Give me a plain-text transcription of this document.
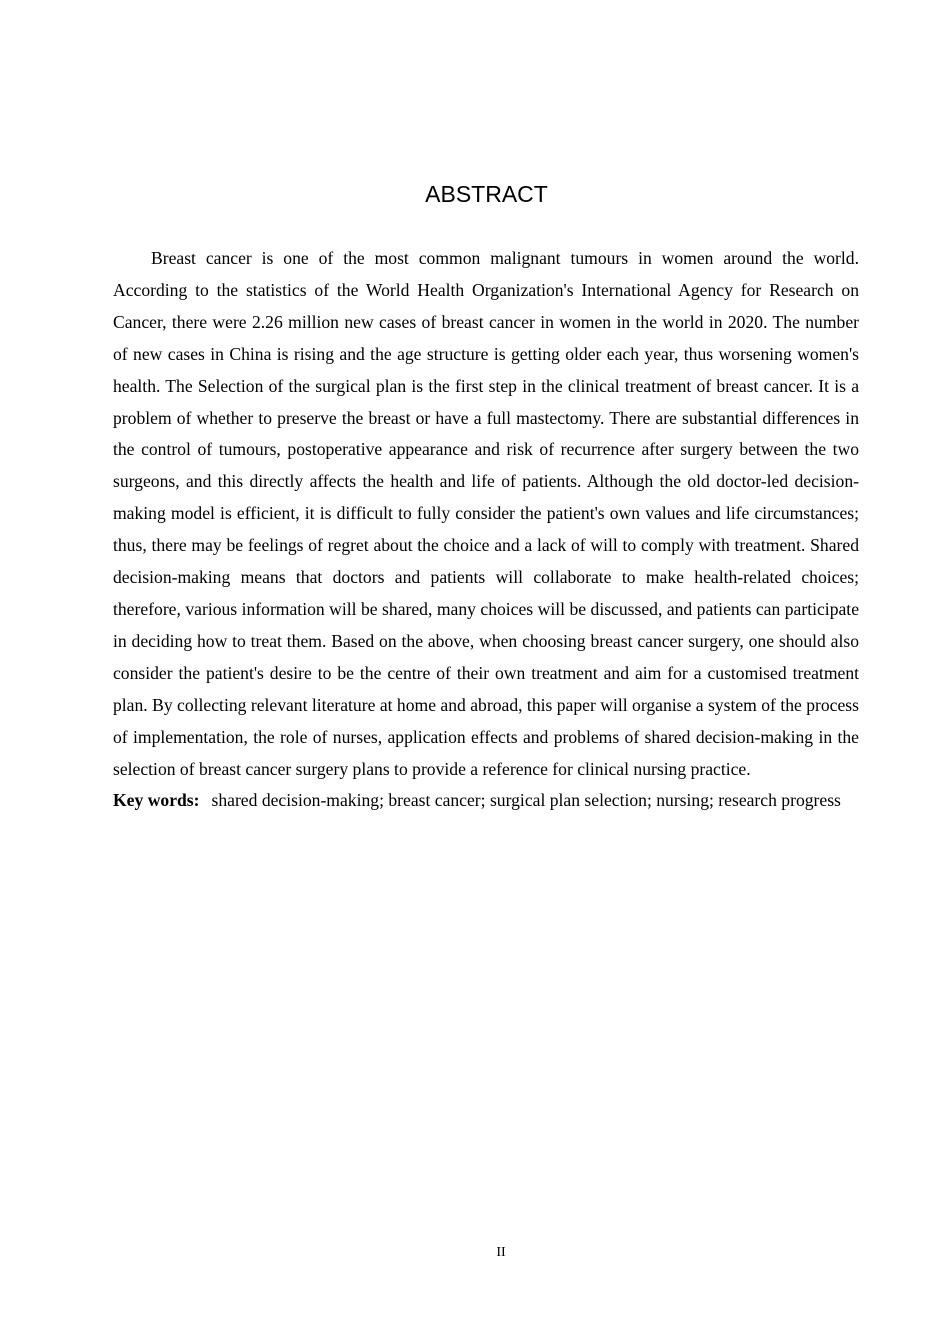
ABSTRACT

Breast cancer is one of the most common malignant tumours in women around the world. According to the statistics of the World Health Organization's International Agency for Research on Cancer, there were 2.26 million new cases of breast cancer in women in the world in 2020. The number of new cases in China is rising and the age structure is getting older each year, thus worsening women's health. The Selection of the surgical plan is the first step in the clinical treatment of breast cancer. It is a problem of whether to preserve the breast or have a full mastectomy. There are substantial differences in the control of tumours, postoperative appearance and risk of recurrence after surgery between the two surgeons, and this directly affects the health and life of patients. Although the old doctor-led decision-making model is efficient, it is difficult to fully consider the patient's own values and life circumstances; thus, there may be feelings of regret about the choice and a lack of will to comply with treatment. Shared decision-making means that doctors and patients will collaborate to make health-related choices; therefore, various information will be shared, many choices will be discussed, and patients can participate in deciding how to treat them. Based on the above, when choosing breast cancer surgery, one should also consider the patient's desire to be the centre of their own treatment and aim for a customised treatment plan. By collecting relevant literature at home and abroad, this paper will organise a system of the process of implementation, the role of nurses, application effects and problems of shared decision-making in the selection of breast cancer surgery plans to provide a reference for clinical nursing practice.

Key words: shared decision-making; breast cancer; surgical plan selection; nursing; research progress

II
